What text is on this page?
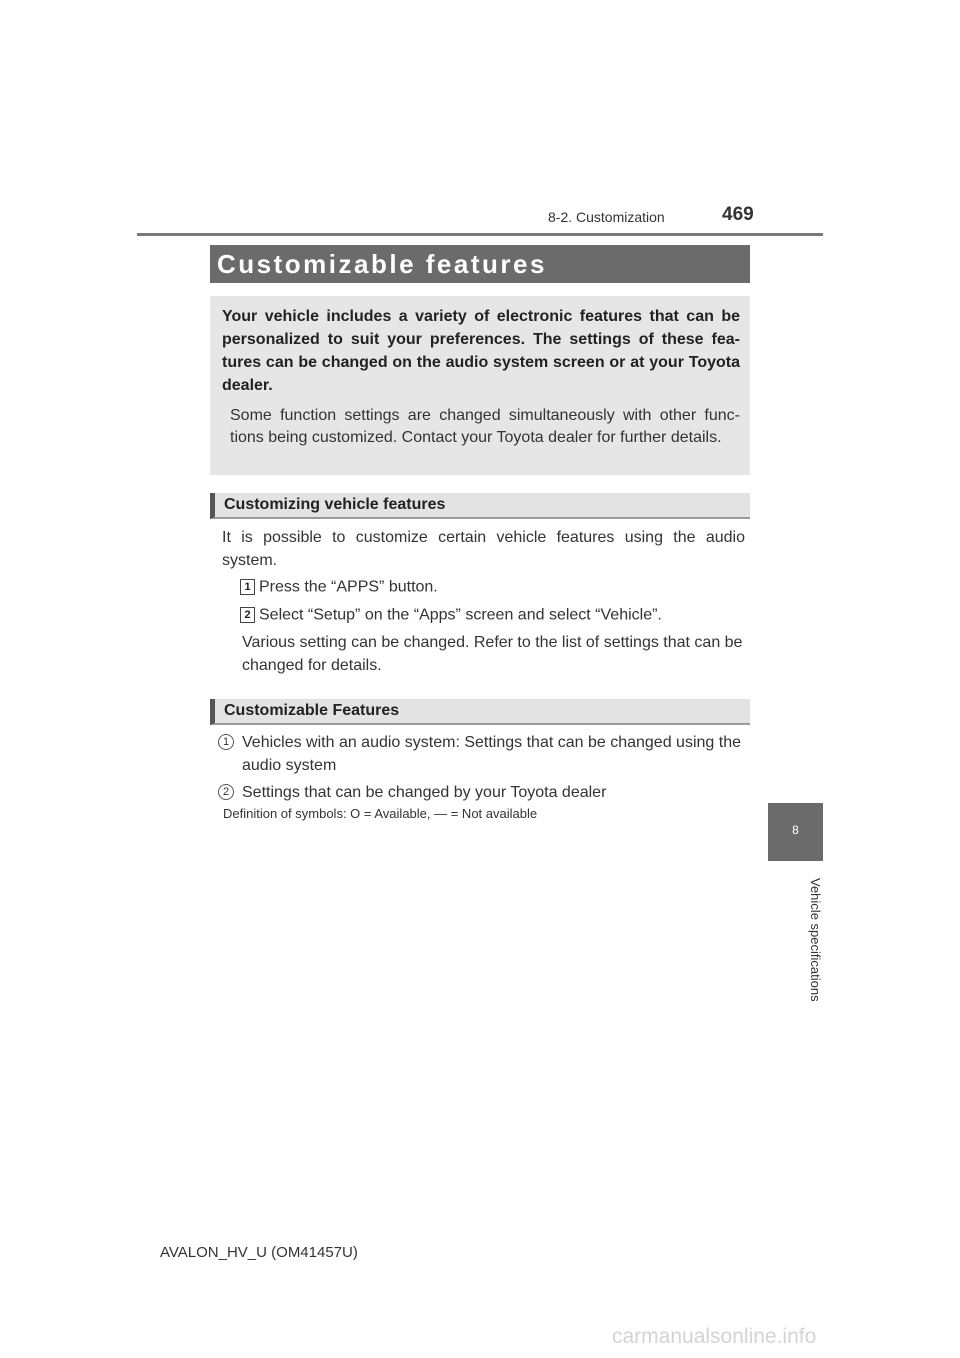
8-2. Customization	469
Customizable features
Your vehicle includes a variety of electronic features that can be personalized to suit your preferences. The settings of these fea-tures can be changed on the audio system screen or at your Toyota dealer.
Some function settings are changed simultaneously with other func-tions being customized. Contact your Toyota dealer for further details.
Customizing vehicle features
It is possible to customize certain vehicle features using the audio system.
1 Press the “APPS” button.
2 Select “Setup” on the “Apps” screen and select “Vehicle”.
Various setting can be changed. Refer to the list of settings that can be changed for details.
Customizable Features
1 Vehicles with an audio system: Settings that can be changed using the audio system
2 Settings that can be changed by your Toyota dealer
Definition of symbols: O = Available, — = Not available
8
Vehicle specifications
AVALON_HV_U (OM41457U)
carmanualsonline.info
